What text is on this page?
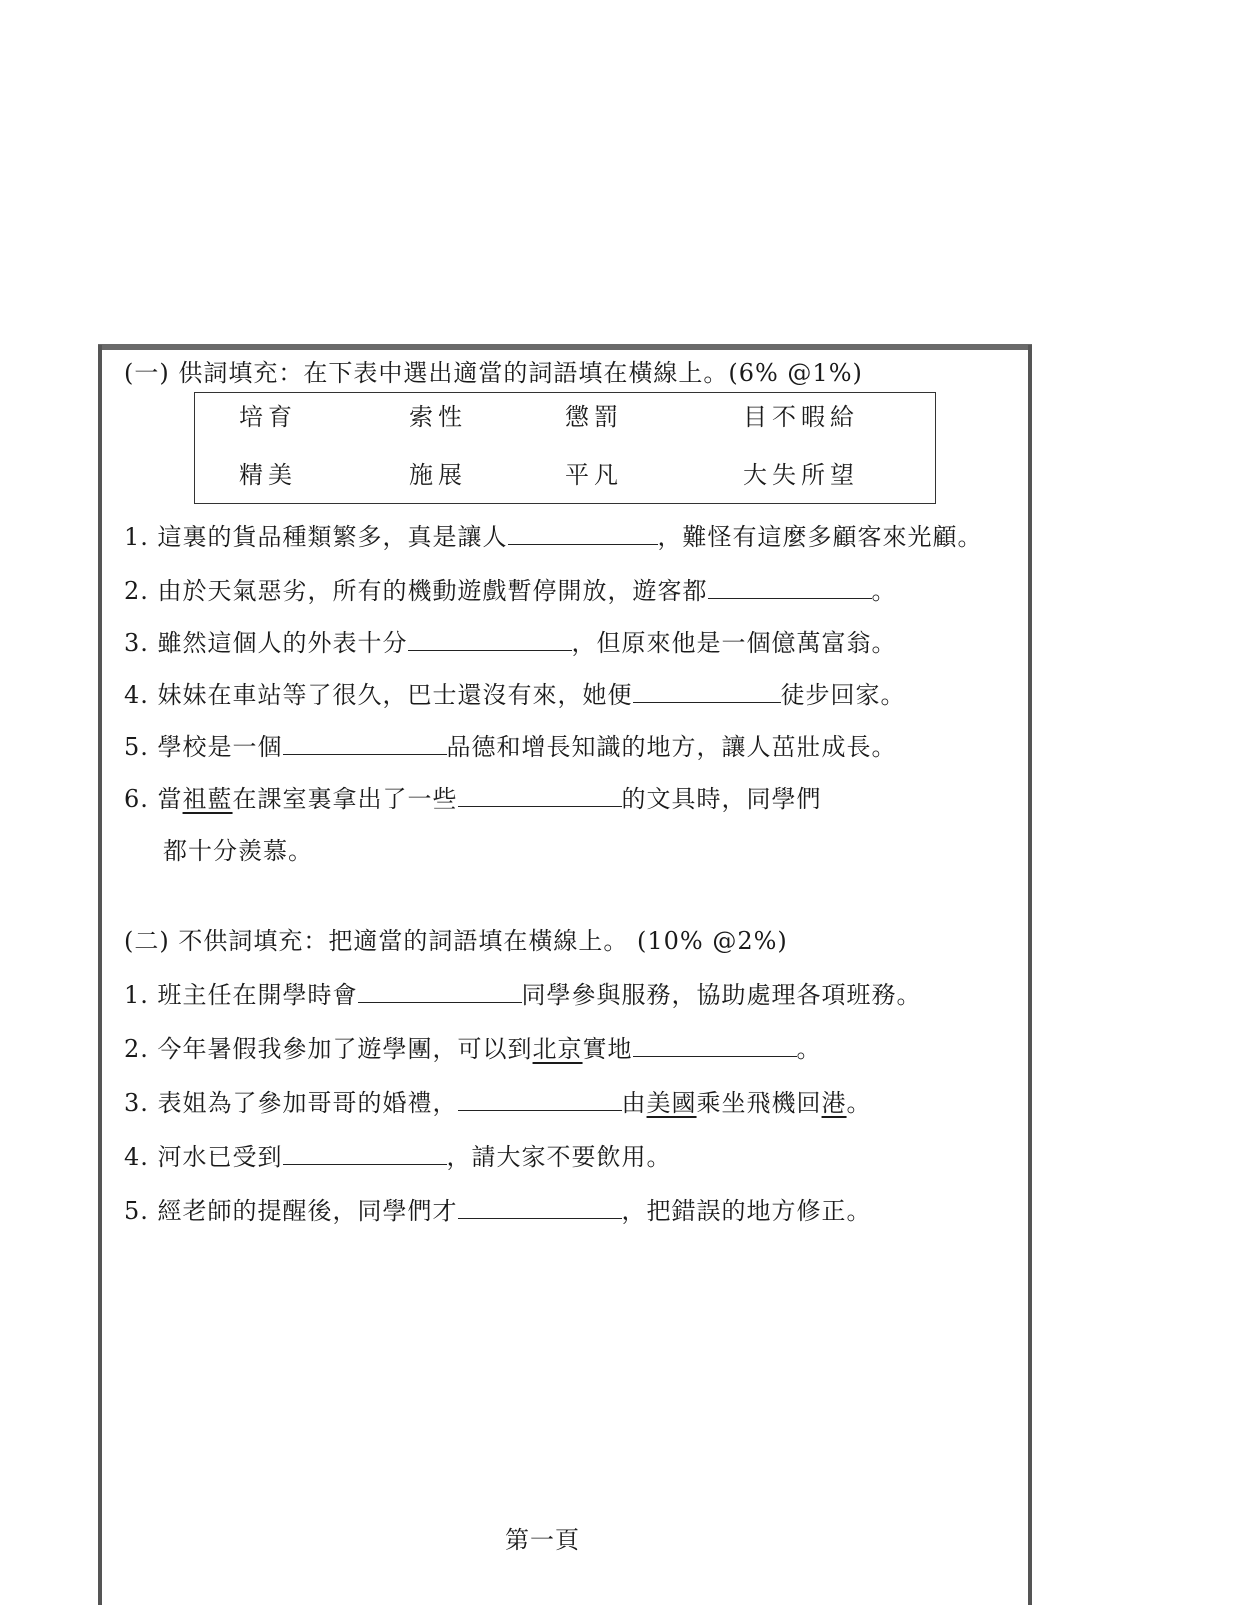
(一) 供詞填充：在下表中選出適當的詞語填在橫線上。(6% @1%)
培育	索性	懲罰	目不暇給
精美	施展	平凡	大失所望
1. 這裏的貨品種類繁多，真是讓人	，難怪有這麼多顧客來光顧。
2. 由於天氣惡劣，所有的機動遊戲暫停開放，遊客都	。
3. 雖然這個人的外表十分	，但原來他是一個億萬富翁。
4. 妹妹在車站等了很久，巴士還沒有來，她便	徒步回家。
5. 學校是一個	品德和增長知識的地方，讓人茁壯成長。
6. 當祖藍在課室裏拿出了一些	的文具時，同學們
都十分羨慕。
(二) 不供詞填充：把適當的詞語填在橫線上。 (10% @2%)
1. 班主任在開學時會	同學參與服務，協助處理各項班務。
2. 今年暑假我參加了遊學團，可以到北京實地	。
3. 表姐為了參加哥哥的婚禮，	由美國乘坐飛機回港。
4. 河水已受到	，請大家不要飲用。
5. 經老師的提醒後，同學們才	，把錯誤的地方修正。
第一頁
